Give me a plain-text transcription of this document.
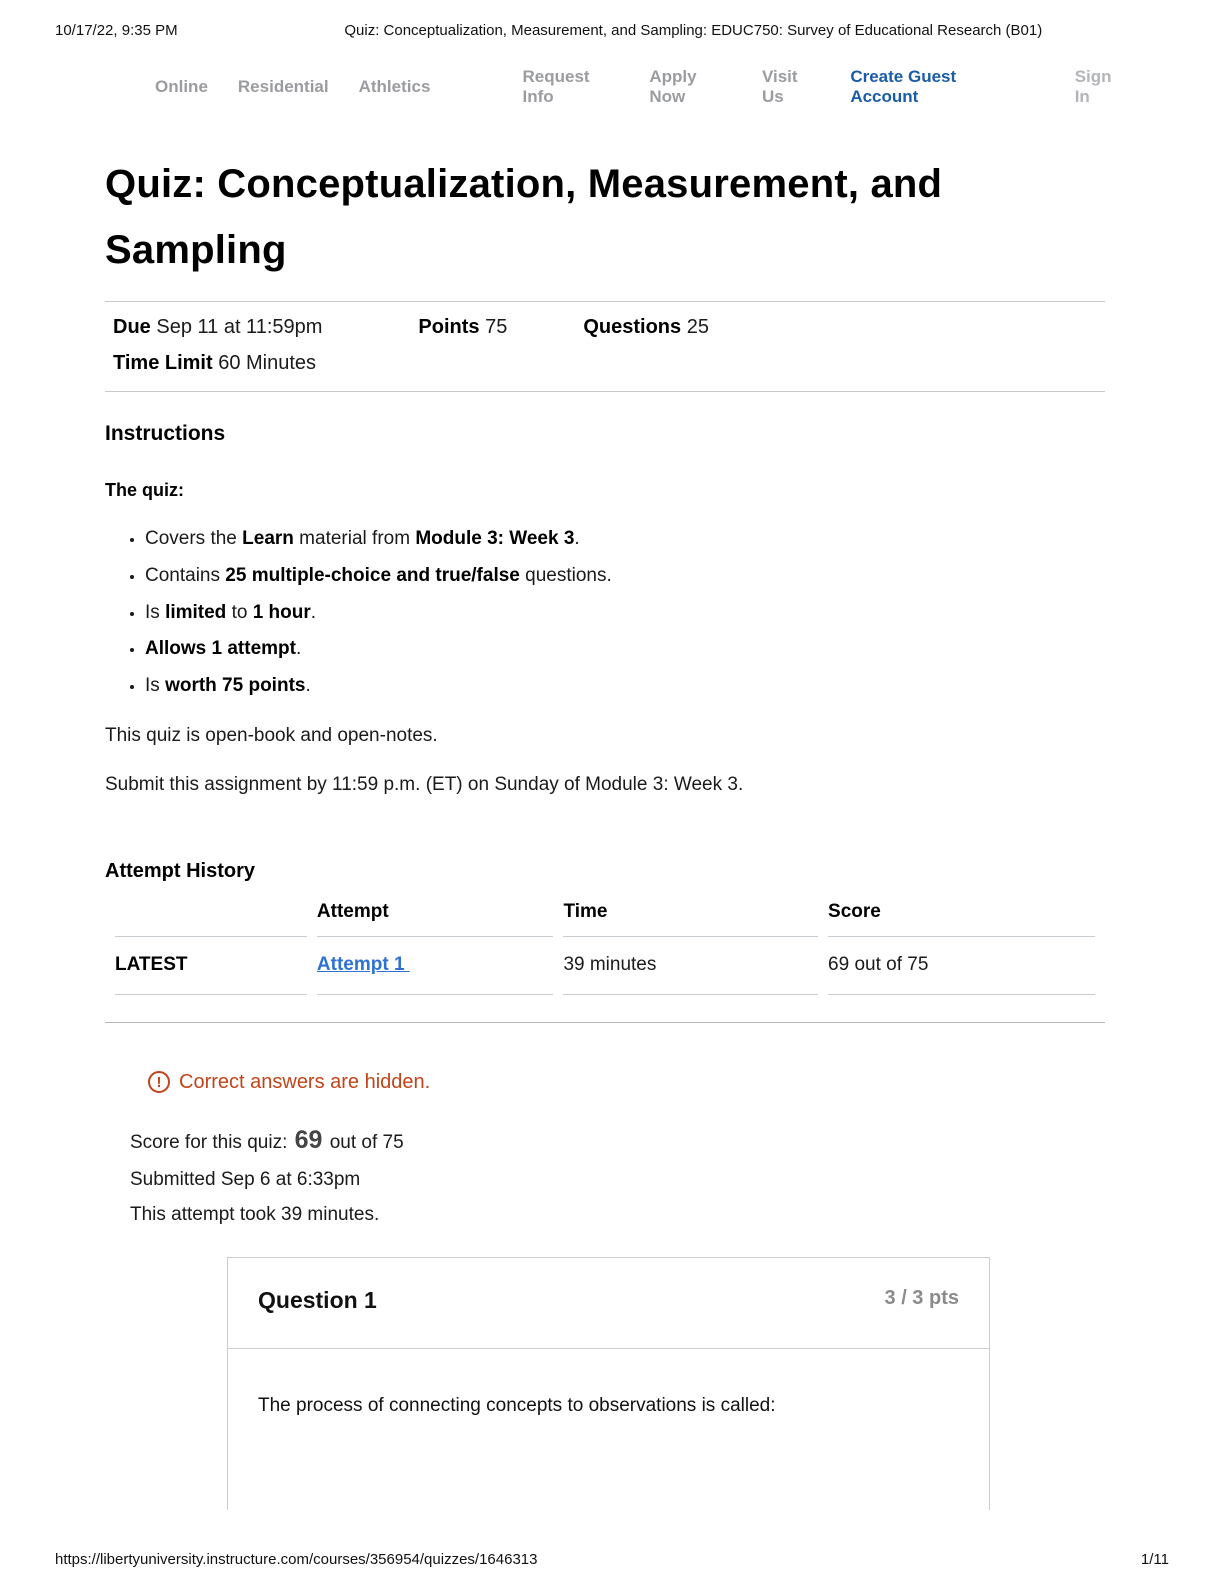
10/17/22, 9:35 PM	Quiz: Conceptualization, Measurement, and Sampling: EDUC750: Survey of Educational Research (B01)
Online Residential Athletics
Request Info
Apply Now
Visit Us
Create Guest Account
Sign In
Quiz: Conceptualization, Measurement, and Sampling
Due Sep 11 at 11:59pm	Points 75	Questions 25
Time Limit 60 Minutes
Instructions

The quiz:

• Covers the Learn material from Module 3: Week 3.
• Contains 25 multiple-choice and true/false questions.
• Is limited to 1 hour.
• Allows 1 attempt.
• Is worth 75 points.

This quiz is open-book and open-notes.

Submit this assignment by 11:59 p.m. (ET) on Sunday of Module 3: Week 3.

Attempt History
	Attempt	Time	Score
LATEST	Attempt 1	39 minutes	69 out of 75
! Correct answers are hidden.
Score for this quiz: 69 out of 75
Submitted Sep 6 at 6:33pm
This attempt took 39 minutes.
Question 1	3 / 3 pts
The process of connecting concepts to observations is called:
https://libertyuniversity.instructure.com/courses/356954/quizzes/1646313	1/11
